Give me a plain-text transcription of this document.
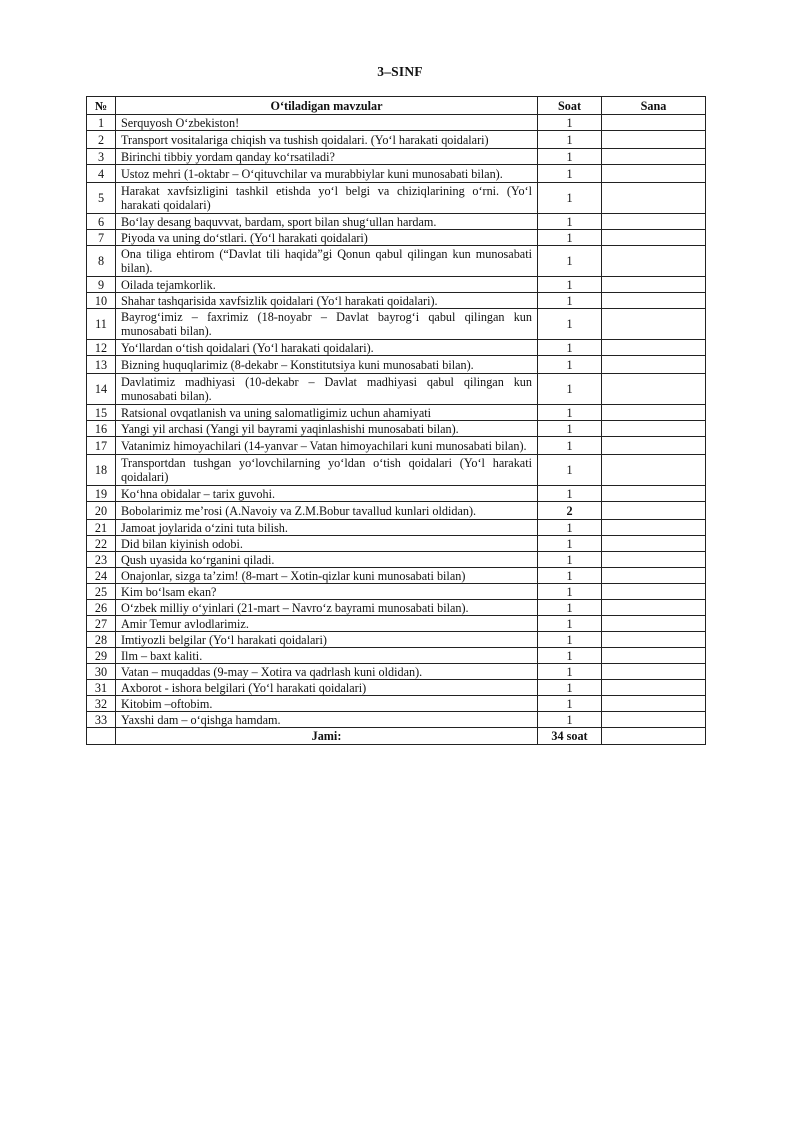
3–SINF
№	O‘tiladigan mavzular	Soat	Sana
1	Serquyosh O‘zbekiston!	1	
2	Transport vositalariga chiqish va tushish qoidalari. (Yo‘l harakati qoidalari)	1	
3	Birinchi tibbiy yordam qanday ko‘rsatiladi?	1	
4	Ustoz mehri (1-oktabr – O‘qituvchilar va murabbiylar kuni munosabati bilan).	1	
5	Harakat xavfsizligini tashkil etishda yo‘l belgi va chiziqlarining o‘rni. (Yo‘l harakati qoidalari)	1	
6	Bo‘lay desang baquvvat, bardam, sport bilan shug‘ullan hardam.	1	
7	Piyoda va uning do‘stlari. (Yo‘l harakati qoidalari)	1	
8	Ona tiliga ehtirom (“Davlat tili haqida”gi Qonun qabul qilingan kun munosabati bilan).	1	
9	Oilada tejamkorlik.	1	
10	Shahar tashqarisida xavfsizlik qoidalari (Yo‘l harakati qoidalari).	1	
11	Bayrog‘imiz – faxrimiz (18-noyabr – Davlat bayrog‘i qabul qilingan kun munosabati bilan).	1	
12	Yo‘llardan o‘tish qoidalari (Yo‘l harakati qoidalari).	1	
13	Bizning huquqlarimiz (8-dekabr – Konstitutsiya kuni munosabati bilan).	1	
14	Davlatimiz madhiyasi (10-dekabr – Davlat madhiyasi qabul qilingan kun munosabati bilan).	1	
15	Ratsional ovqatlanish va uning salomatligimiz uchun ahamiyati	1	
16	Yangi yil archasi (Yangi yil bayrami yaqinlashishi munosabati bilan).	1	
17	Vatanimiz himoyachilari (14-yanvar – Vatan himoyachilari kuni munosabati bilan).	1	
18	Transportdan tushgan yo‘lovchilarning yo‘ldan o‘tish qoidalari (Yo‘l harakati qoidalari)	1	
19	Ko‘hna obidalar – tarix guvohi.	1	
20	Bobolarimiz me’rosi (A.Navoiy va Z.M.Bobur tavallud kunlari oldidan).	2	
21	Jamoat joylarida o‘zini tuta bilish.	1	
22	Did bilan kiyinish odobi.	1	
23	Qush uyasida ko‘rganini qiladi.	1	
24	Onajonlar, sizga ta’zim! (8-mart – Xotin-qizlar kuni munosabati bilan)	1	
25	Kim bo‘lsam ekan?	1	
26	O‘zbek milliy o‘yinlari (21-mart – Navro‘z bayrami munosabati bilan).	1	
27	Amir Temur avlodlarimiz.	1	
28	Imtiyozli belgilar (Yo‘l harakati qoidalari)	1	
29	Ilm – baxt kaliti.	1	
30	Vatan – muqaddas (9-may – Xotira va qadrlash kuni oldidan).	1	
31	Axborot - ishora belgilari (Yo‘l harakati qoidalari)	1	
32	Kitobim –oftobim.	1	
33	Yaxshi dam – o‘qishga hamdam.	1	
	Jami:	34 soat	
